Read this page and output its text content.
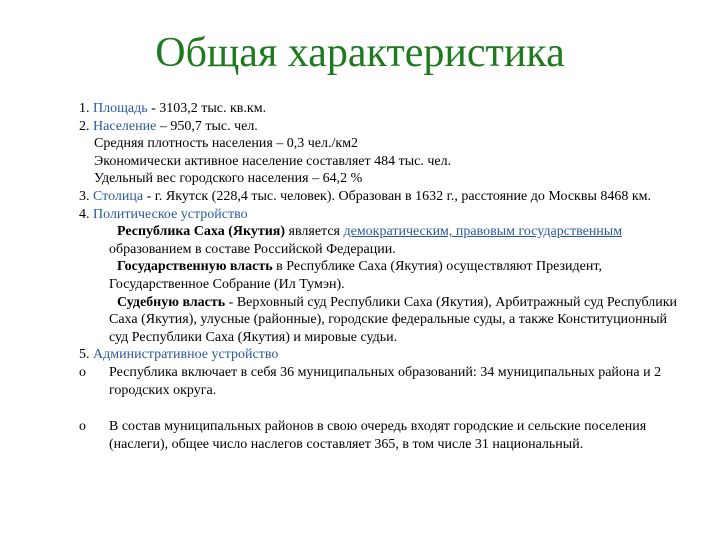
Общая характеристика
1. Площадь - 3103,2 тыс. кв.км.
2. Население – 950,7 тыс. чел.
Средняя плотность населения – 0,3 чел./км2
Экономически активное население составляет 484 тыс. чел.
Удельный вес городского населения – 64,2 %
3. Столица - г. Якутск (228,4 тыс. человек). Образован в 1632 г., расстояние до Москвы 8468 км.
4. Политическое устройство
Республика Саха (Якутия) является демократическим, правовым государственным образованием в составе Российской Федерации.
Государственную власть в Республике Саха (Якутия) осуществляют Президент, Государственное Собрание (Ил Тумэн).
Судебную власть - Верховный суд Республики Саха (Якутия), Арбитражный суд Республики Саха (Якутия), улусные (районные), городские федеральные суды, а также Конституционный суд Республики Саха (Якутия) и мировые судьи.
5. Административное устройство
o	Республика включает в себя 36 муниципальных образований: 34 муниципальных района и 2 городских округа.
o	В состав муниципальных районов в свою очередь входят городские и сельские поселения (наслеги), общее число наслегов составляет 365, в том числе 31 национальный.
